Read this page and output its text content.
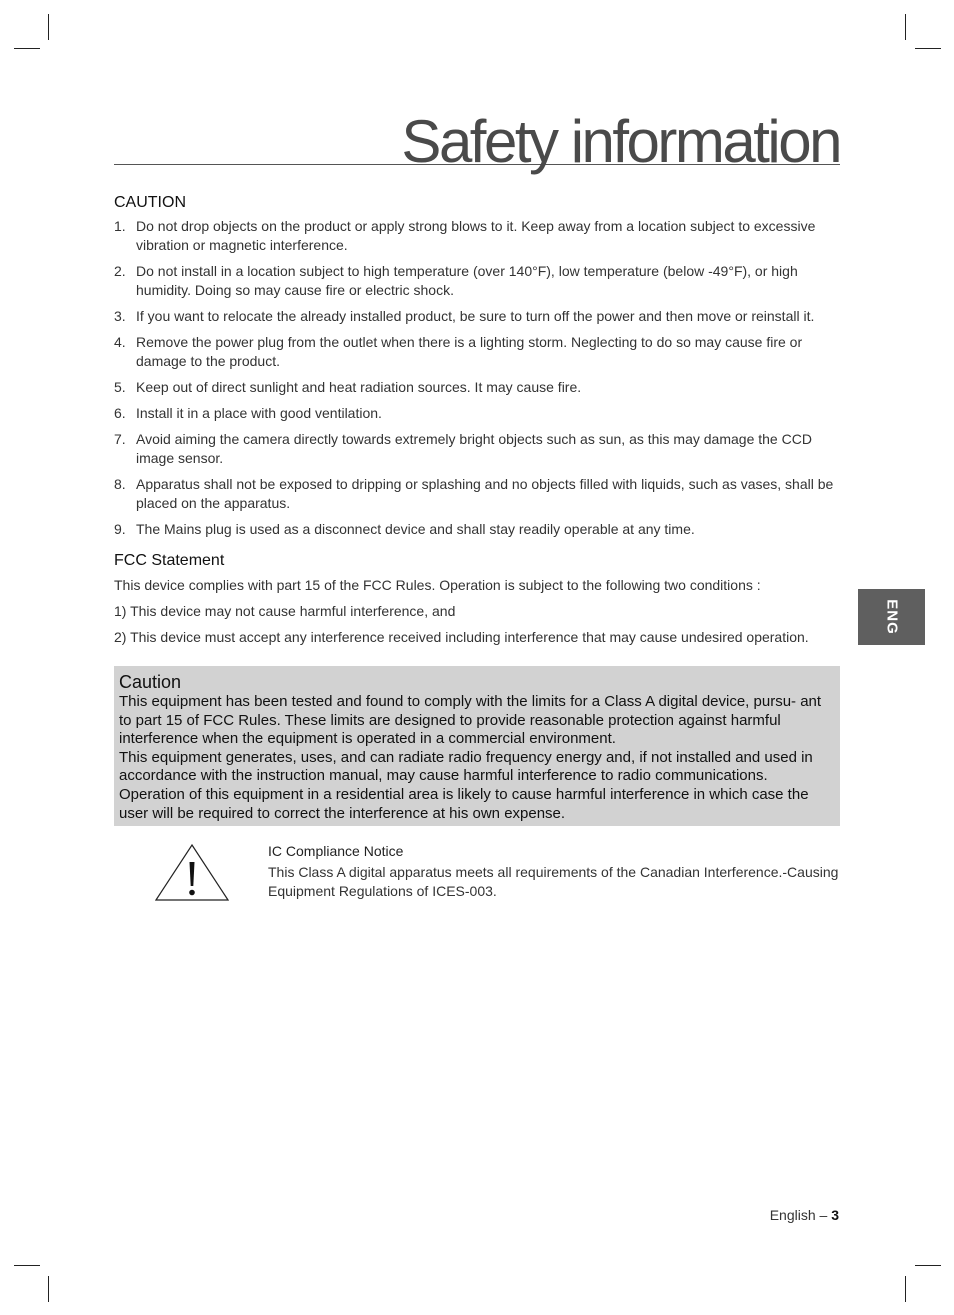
Safety information
CAUTION
1. Do not drop objects on the product or apply strong blows to it. Keep away from a location subject to excessive vibration or magnetic interference.
2. Do not install in a location subject to high temperature (over 140°F), low temperature (below -49°F), or high humidity. Doing so may cause fire or electric shock.
3. If you want to relocate the already installed product, be sure to turn off the power and then move or reinstall it.
4. Remove the power plug from the outlet when there is a lighting storm. Neglecting to do so may cause fire or damage to the product.
5. Keep out of direct sunlight and heat radiation sources. It may cause fire.
6. Install it in a place with good ventilation.
7. Avoid aiming the camera directly towards extremely bright objects such as sun, as this may damage the CCD image sensor.
8. Apparatus shall not be exposed to dripping or splashing and no objects filled with liquids, such as vases, shall be placed on the apparatus.
9. The Mains plug is used as a disconnect device and shall stay readily operable at any time.
FCC Statement
This device complies with part 15 of the FCC Rules. Operation is subject to the following two conditions :
1) This device may not cause harmful interference, and
2) This device must accept any interference received including interference that may cause undesired operation.
ENG
Caution

This equipment has been tested and found to comply with the limits for a Class A digital device, pursu- ant to part 15 of FCC Rules. These limits are designed to provide reasonable protection against harmful interference when the equipment is operated in a commercial environment.

This equipment generates, uses, and can radiate radio frequency energy and, if not installed and used in accordance with the instruction manual, may cause harmful interference to radio communications. Operation of this equipment in a residential area is likely to cause harmful interference in which case the user will be required to correct the interference at his own expense.

IC Compliance Notice
This Class A digital apparatus meets all requirements of the Canadian Interference.-Causing Equipment Regulations of ICES-003.
English – 3
